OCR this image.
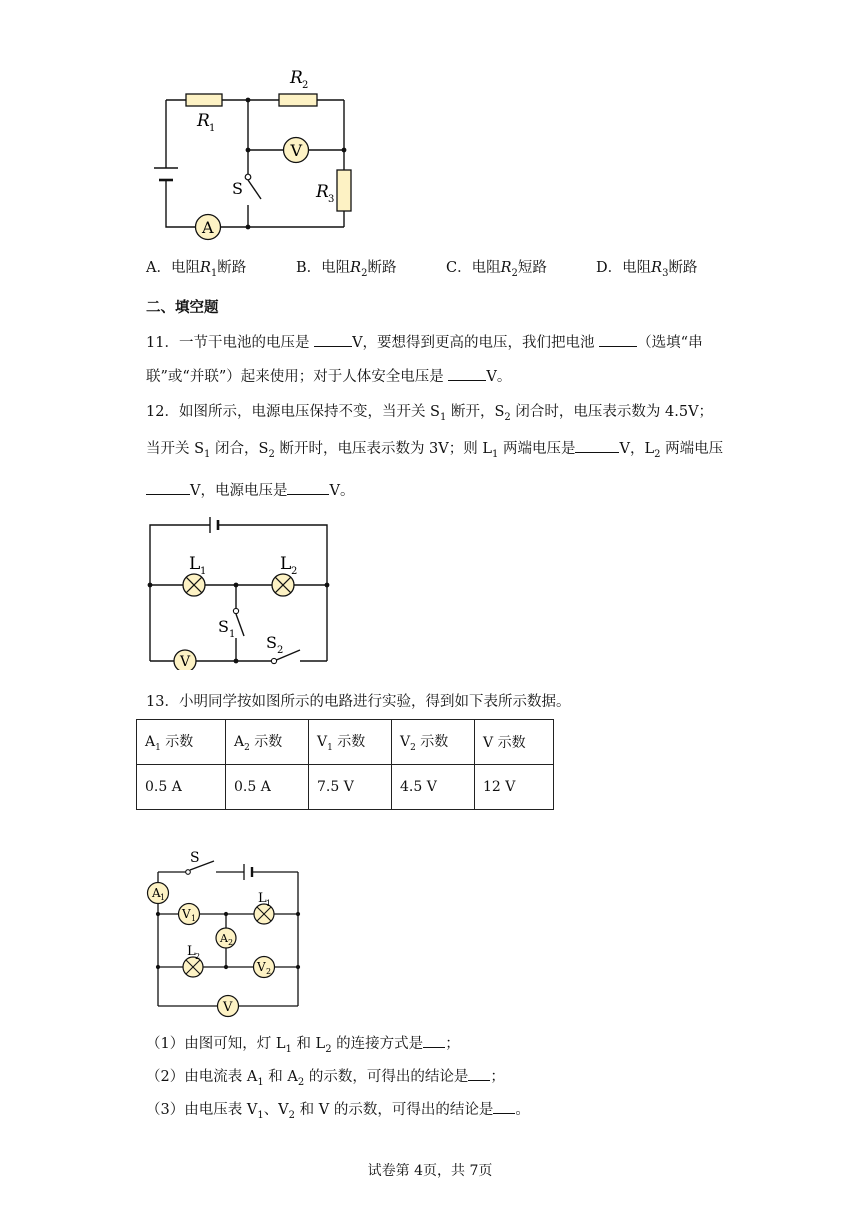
R 2
R 1
R 3
S
V
A
A．电阻$R_1$断路	B．电阻$R_2$断路	C．电阻$R_2$短路	D．电阻$R_3$断路
二、填空题
11．一节干电池的电压是	V，要想得到更高的电压，我们把电池	（选填“串
联”或“并联”）起来使用；对于人体安全电压是	V。
12．如图所示，电源电压保持不变，当开关 $S_1$ 断开，$S_2$ 闭合时，电压表示数为 4.5V；
当开关 $S_1$ 闭合，$S_2$ 断开时，电压表示数为 3V；则 $L_1$ 两端电压是	V，$L_2$ 两端电压
V，电源电压是	V。
L 1	L 2
S 1 S 2
V
13．小明同学按如图所示的电路进行实验，得到如下表所示数据。
$A_1$ 示数	$A_2$ 示数	$V_1$ 示数	$V_2$ 示数	V 示数
0.5 A	0.5 A	7.5 V	4.5 V	12 V
S
A 1
V 1
A 2
V 2
V
L 1
L 2
（1）由图可知，灯 $L_1$ 和 $L_2$ 的连接方式是 ；
（2）由电流表 $A_1$ 和 $A_2$ 的示数，可得出的结论是 ；
（3）由电压表 $V_1$、$V_2$ 和 V 的示数，可得出的结论是 。
试卷第 4页，共 7页
